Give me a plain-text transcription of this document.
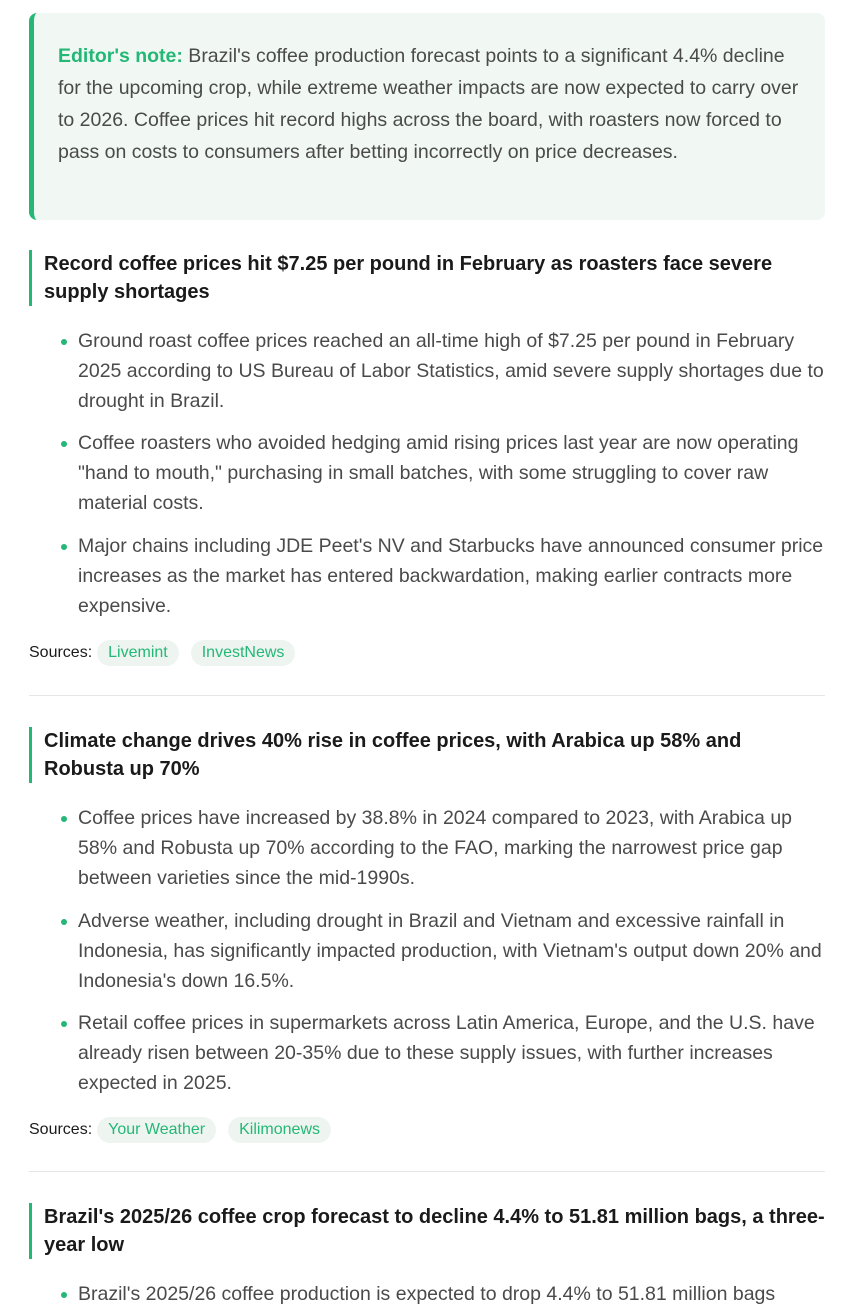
Editor's note: Brazil's coffee production forecast points to a significant 4.4% decline for the upcoming crop, while extreme weather impacts are now expected to carry over to 2026. Coffee prices hit record highs across the board, with roasters now forced to pass on costs to consumers after betting incorrectly on price decreases.
Record coffee prices hit $7.25 per pound in February as roasters face severe supply shortages
Ground roast coffee prices reached an all-time high of $7.25 per pound in February 2025 according to US Bureau of Labor Statistics, amid severe supply shortages due to drought in Brazil.
Coffee roasters who avoided hedging amid rising prices last year are now operating "hand to mouth," purchasing in small batches, with some struggling to cover raw material costs.
Major chains including JDE Peet's NV and Starbucks have announced consumer price increases as the market has entered backwardation, making earlier contracts more expensive.
Sources:	Livemint	InvestNews
Climate change drives 40% rise in coffee prices, with Arabica up 58% and Robusta up 70%
Coffee prices have increased by 38.8% in 2024 compared to 2023, with Arabica up 58% and Robusta up 70% according to the FAO, marking the narrowest price gap between varieties since the mid-1990s.
Adverse weather, including drought in Brazil and Vietnam and excessive rainfall in Indonesia, has significantly impacted production, with Vietnam's output down 20% and Indonesia's down 16.5%.
Retail coffee prices in supermarkets across Latin America, Europe, and the U.S. have already risen between 20-35% due to these supply issues, with further increases expected in 2025.
Sources:	Your Weather	Kilimonews
Brazil's 2025/26 coffee crop forecast to decline 4.4% to 51.81 million bags, a three-year low
Brazil's 2025/26 coffee production is expected to drop 4.4% to 51.81 million bags
